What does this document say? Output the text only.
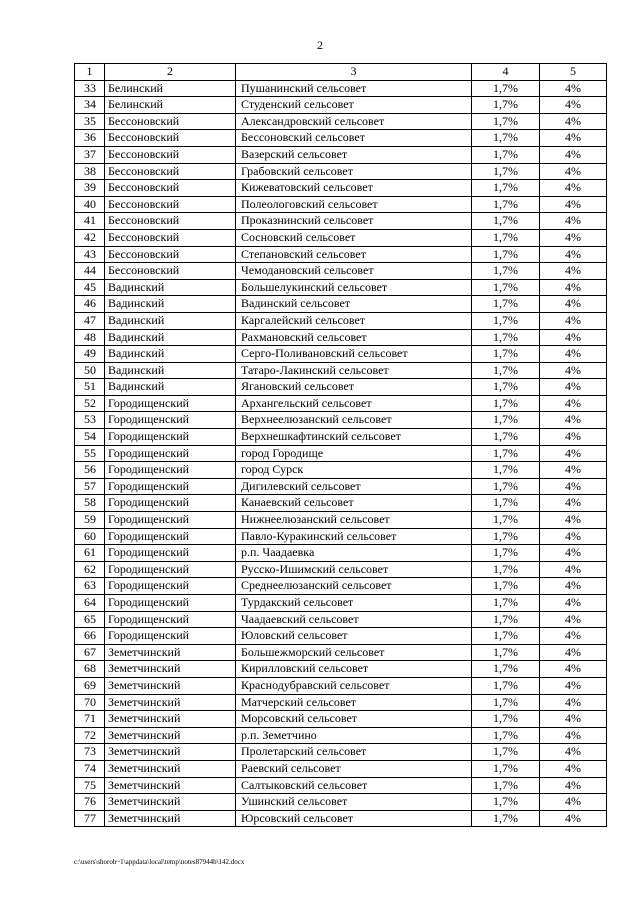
2
1	2	3	4	5
33	Белинский	Пушанинский сельсовет	1,7%	4%
34	Белинский	Студенский сельсовет	1,7%	4%
35	Бессоновский	Александровский сельсовет	1,7%	4%
36	Бессоновский	Бессоновский сельсовет	1,7%	4%
37	Бессоновский	Вазерский сельсовет	1,7%	4%
38	Бессоновский	Грабовский сельсовет	1,7%	4%
39	Бессоновский	Кижеватовский сельсовет	1,7%	4%
40	Бессоновский	Полеологовский сельсовет	1,7%	4%
41	Бессоновский	Проказнинский сельсовет	1,7%	4%
42	Бессоновский	Сосновский сельсовет	1,7%	4%
43	Бессоновский	Степановский сельсовет	1,7%	4%
44	Бессоновский	Чемодановский сельсовет	1,7%	4%
45	Вадинский	Большелукинский сельсовет	1,7%	4%
46	Вадинский	Вадинский сельсовет	1,7%	4%
47	Вадинский	Каргалейский сельсовет	1,7%	4%
48	Вадинский	Рахмановский сельсовет	1,7%	4%
49	Вадинский	Серго-Поливановский сельсовет	1,7%	4%
50	Вадинский	Татаро-Лакинский сельсовет	1,7%	4%
51	Вадинский	Ягановский сельсовет	1,7%	4%
52	Городищенский	Архангельский сельсовет	1,7%	4%
53	Городищенский	Верхнеелюзанский сельсовет	1,7%	4%
54	Городищенский	Верхнешкафтинский сельсовет	1,7%	4%
55	Городищенский	город Городище	1,7%	4%
56	Городищенский	город Сурск	1,7%	4%
57	Городищенский	Дигилевский сельсовет	1,7%	4%
58	Городищенский	Канаевский сельсовет	1,7%	4%
59	Городищенский	Нижнеелюзанский сельсовет	1,7%	4%
60	Городищенский	Павло-Куракинский сельсовет	1,7%	4%
61	Городищенский	р.п. Чаадаевка	1,7%	4%
62	Городищенский	Русско-Ишимский сельсовет	1,7%	4%
63	Городищенский	Среднеелюзанский сельсовет	1,7%	4%
64	Городищенский	Турдакский сельсовет	1,7%	4%
65	Городищенский	Чаадаевский сельсовет	1,7%	4%
66	Городищенский	Юловский сельсовет	1,7%	4%
67	Земетчинский	Большежморский сельсовет	1,7%	4%
68	Земетчинский	Кирилловский сельсовет	1,7%	4%
69	Земетчинский	Краснодубравский сельсовет	1,7%	4%
70	Земетчинский	Матчерский сельсовет	1,7%	4%
71	Земетчинский	Морсовский сельсовет	1,7%	4%
72	Земетчинский	р.п. Земетчино	1,7%	4%
73	Земетчинский	Пролетарский сельсовет	1,7%	4%
74	Земетчинский	Раевский сельсовет	1,7%	4%
75	Земетчинский	Салтыковский сельсовет	1,7%	4%
76	Земетчинский	Ушинский сельсовет	1,7%	4%
77	Земетчинский	Юрсовский сельсовет	1,7%	4%
c:\users\shorob~1\appdata\local\temp\notes87944b\142.docx
